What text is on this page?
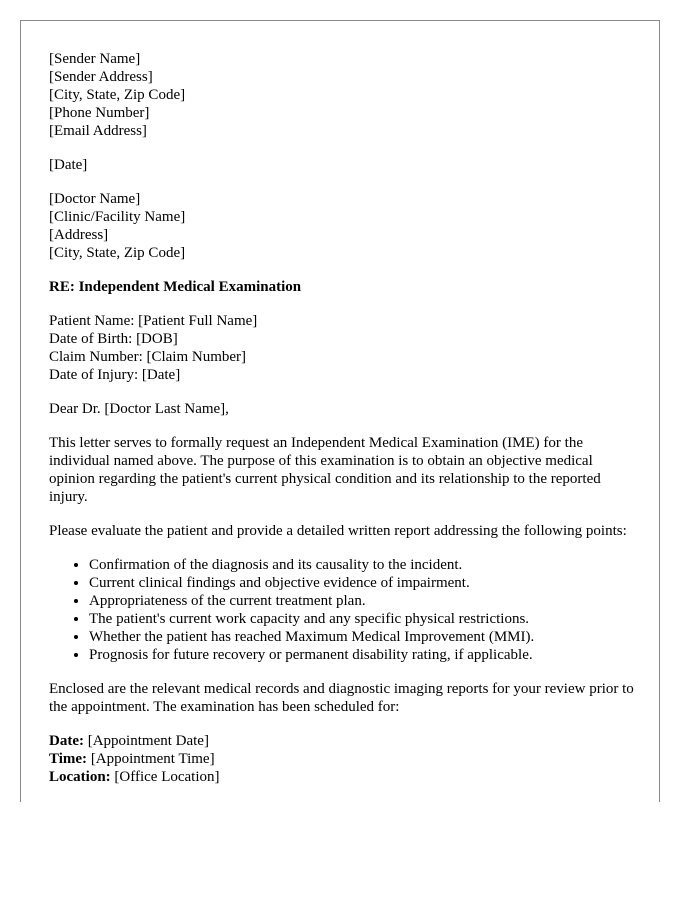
[Sender Name]
[Sender Address]
[City, State, Zip Code]
[Phone Number]
[Email Address]
[Date]
[Doctor Name]
[Clinic/Facility Name]
[Address]
[City, State, Zip Code]
RE: Independent Medical Examination
Patient Name: [Patient Full Name]
Date of Birth: [DOB]
Claim Number: [Claim Number]
Date of Injury: [Date]

Dear Dr. [Doctor Last Name],

This letter serves to formally request an Independent Medical Examination (IME) for the individual named above. The purpose of this examination is to obtain an objective medical opinion regarding the patient's current physical condition and its relationship to the reported injury.

Please evaluate the patient and provide a detailed written report addressing the following points:

• Confirmation of the diagnosis and its causality to the incident.
• Current clinical findings and objective evidence of impairment.
• Appropriateness of the current treatment plan.
• The patient's current work capacity and any specific physical restrictions.
• Whether the patient has reached Maximum Medical Improvement (MMI).
• Prognosis for future recovery or permanent disability rating, if applicable.

Enclosed are the relevant medical records and diagnostic imaging reports for your review prior to the appointment. The examination has been scheduled for:

Date: [Appointment Date]
Time: [Appointment Time]
Location: [Office Location]
